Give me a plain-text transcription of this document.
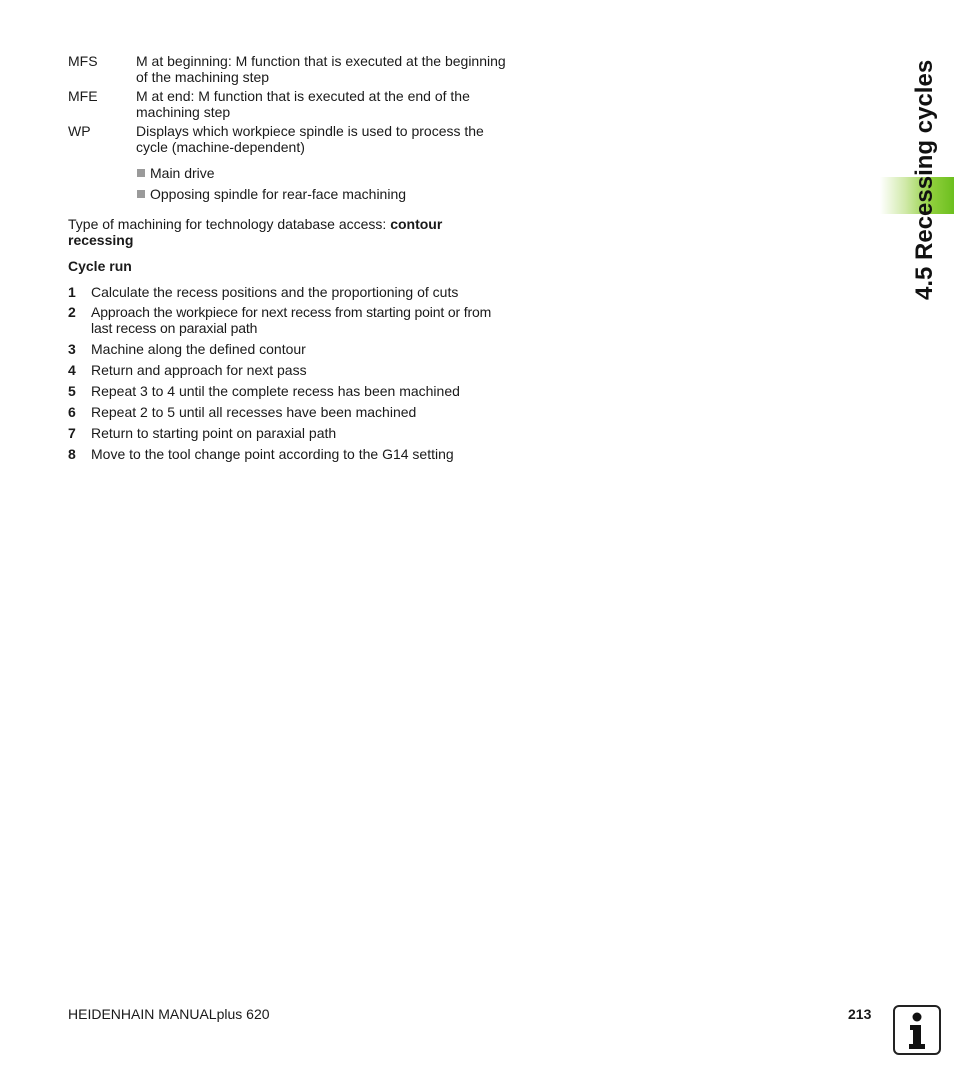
MFS	M at beginning: M function that is executed at the beginning of the machining step
MFE	M at end: M function that is executed at the end of the machining step
WP	Displays which workpiece spindle is used to process the cycle (machine-dependent)
Main drive
Opposing spindle for rear-face machining
Type of machining for technology database access: contour recessing
Cycle run
1 Calculate the recess positions and the proportioning of cuts
2 Approach the workpiece for next recess from starting point or from last recess on paraxial path
3 Machine along the defined contour
4 Return and approach for next pass
5 Repeat 3 to 4 until the complete recess has been machined
6 Repeat 2 to 5 until all recesses have been machined
7 Return to starting point on paraxial path
8 Move to the tool change point according to the G14 setting
4.5 Recessing cycles
HEIDENHAIN MANUALplus 620	213
